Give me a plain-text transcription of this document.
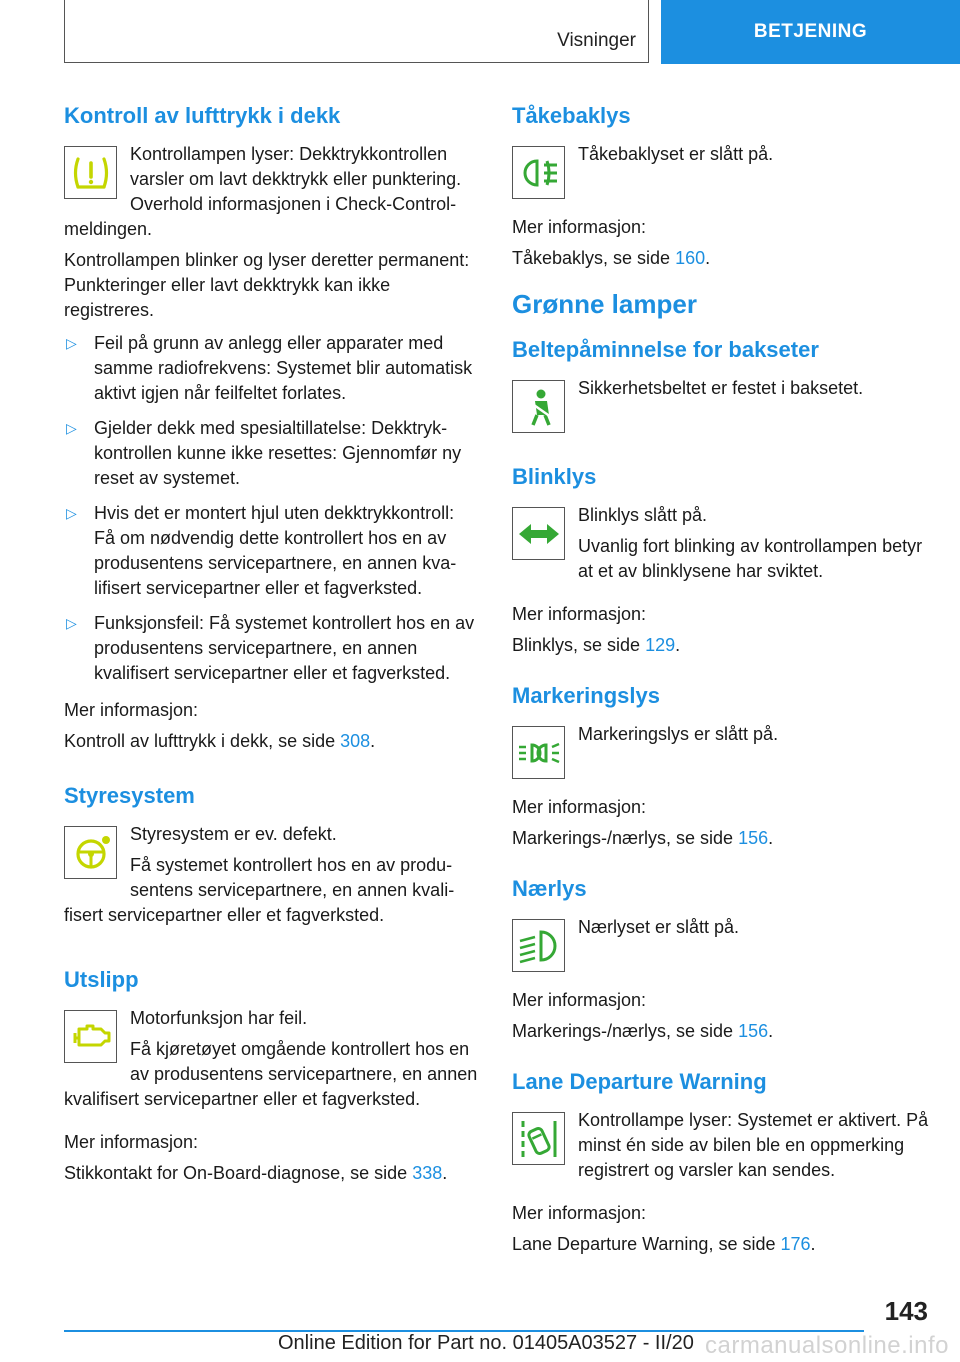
Visninger	BETJENING
Kontroll av lufttrykk i dekk

Kontrollampen lyser: Dekktrykkontrollen varsler om lavt dekktrykk eller punktering. Overhold informasjonen i Check-Control-meldingen.

Kontrollampen blinker og lyser deretter permanent: Punkteringer eller lavt dekktrykk kan ikke registreres.

▷ Feil på grunn av anlegg eller apparater med samme radiofrekvens: Systemet blir automatisk aktivt igjen når feilfeltet forlates.
▷ Gjelder dekk med spesialtillatelse: Dekktrykkontrollen kunne ikke resettes: Gjennomfør ny reset av systemet.
▷ Hvis det er montert hjul uten dekktrykkontroll: Få om nødvendig dette kontrollert hos en av produsentens servicepartnere, en annen kvalifisert servicepartner eller et fagverksted.
▷ Funksjonsfeil: Få systemet kontrollert hos en av produsentens servicepartnere, en annen kvalifisert servicepartner eller et fagverksted.

Mer informasjon:

Kontroll av lufttrykk i dekk, se side 308.

Styresystem

Styresystem er ev. defekt.

Få systemet kontrollert hos en av produsentens servicepartnere, en annen kvalifisert servicepartner eller et fagverksted.

Utslipp

Motorfunksjon har feil.

Få kjøretøyet omgående kontrollert hos en av produsentens servicepartnere, en annen kvalifisert servicepartner eller et fagverksted.

Mer informasjon:

Stikkontakt for On-Board-diagnose, se side 338.

Tåkebaklys

Tåkebaklyset er slått på.

Mer informasjon:

Tåkebaklys, se side 160.

Grønne lamper
Beltepåminnelse for bakseter

Sikkerhetsbeltet er festet i baksetet.

Blinklys

Blinklys slått på.

Uvanlig fort blinking av kontrollampen betyr at et av blinklysene har sviktet.

Mer informasjon:

Blinklys, se side 129.

Markeringslys

Markeringslys er slått på.

Mer informasjon:

Markerings-/nærlys, se side 156.

Nærlys

Nærlyset er slått på.

Mer informasjon:

Markerings-/nærlys, se side 156.

Lane Departure Warning

Kontrollampe lyser: Systemet er aktivert. På minst én side av bilen ble en oppmerking registrert og varsler kan sendes.

Mer informasjon:

Lane Departure Warning, se side 176.

143
Online Edition for Part no. 01405A03527 - II/20 carmanualsonline.info
